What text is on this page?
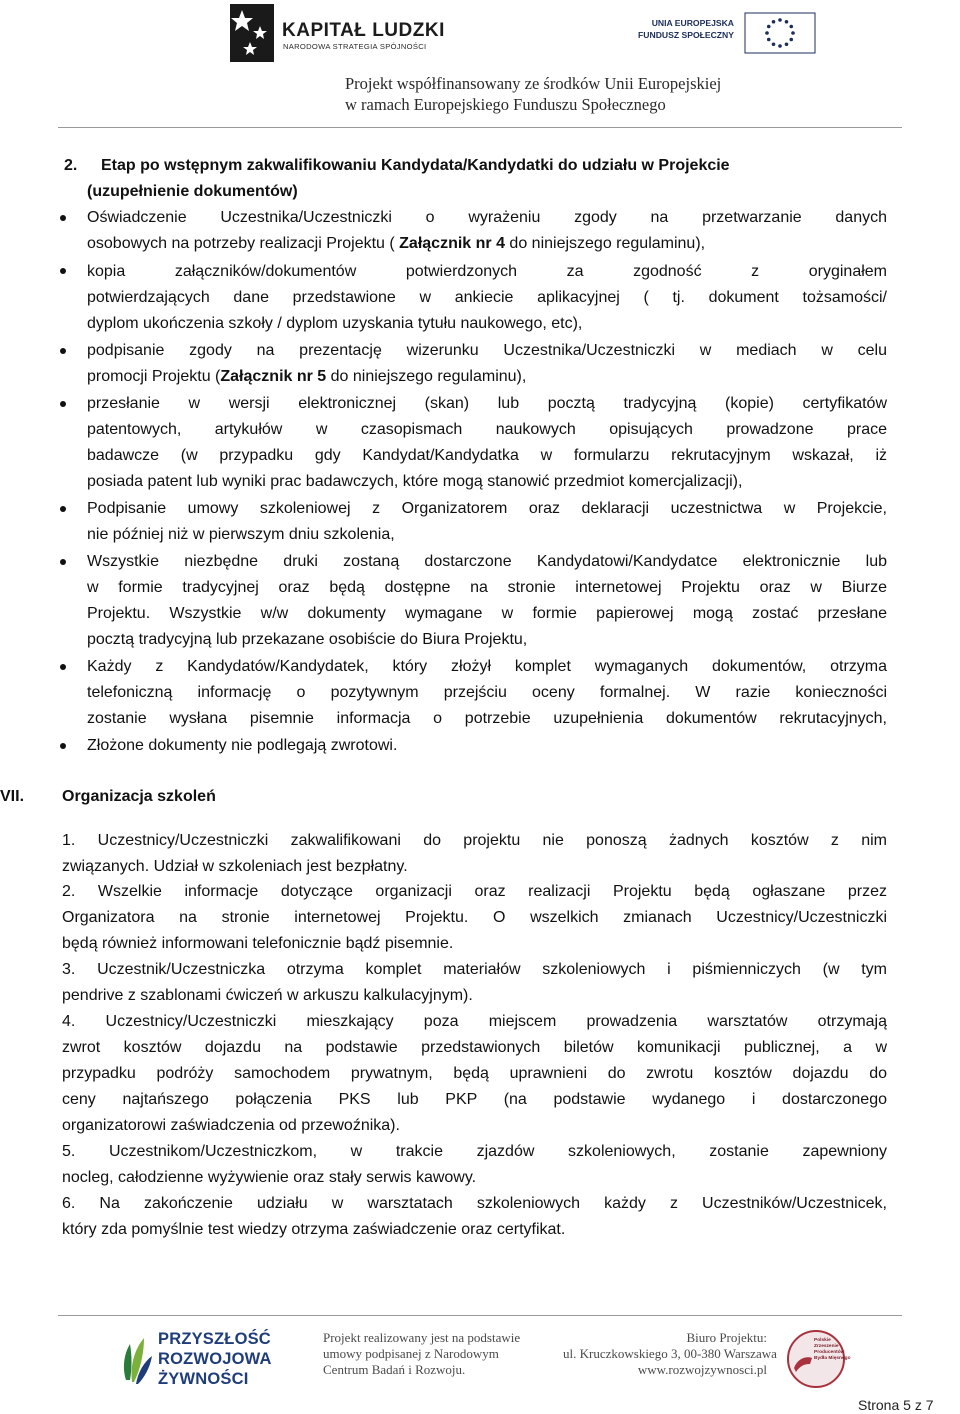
KAPITAŁ LUDZKI
NARODOWA STRATEGIA SPÓJNOŚCI
UNIA EUROPEJSKA
FUNDUSZ SPOŁECZNY
Projekt współfinansowany ze środków Unii Europejskiej
w ramach Europejskiego Funduszu Społecznego
2. Etap po wstępnym zakwalifikowaniu Kandydata/Kandydatki do udziału w Projekcie
(uzupełnienie dokumentów)
Oświadczenie Uczestnika/Uczestniczki o wyrażeniu zgody na przetwarzanie danych
osobowych na potrzeby realizacji Projektu ( Załącznik nr 4 do niniejszego regulaminu),
kopia załączników/dokumentów potwierdzonych za zgodność z oryginałem
potwierdzających dane przedstawione w ankiecie aplikacyjnej ( tj. dokument tożsamości/
dyplom ukończenia szkoły / dyplom uzyskania tytułu naukowego, etc),
podpisanie zgody na prezentację wizerunku Uczestnika/Uczestniczki w mediach w celu
promocji Projektu (Załącznik nr 5 do niniejszego regulaminu),
przesłanie w wersji elektronicznej (skan) lub pocztą tradycyjną (kopie) certyfikatów
patentowych, artykułów w czasopismach naukowych opisujących prowadzone prace
badawcze (w przypadku gdy Kandydat/Kandydatka w formularzu rekrutacyjnym wskazał, iż
posiada patent lub wyniki prac badawczych, które mogą stanowić przedmiot komercjalizacji),
Podpisanie umowy szkoleniowej z Organizatorem oraz deklaracji uczestnictwa w Projekcie,
nie później niż w pierwszym dniu szkolenia,
Wszystkie niezbędne druki zostaną dostarczone Kandydatowi/Kandydatce elektronicznie lub
w formie tradycyjnej oraz będą dostępne na stronie internetowej Projektu oraz w Biurze
Projektu. Wszystkie w/w dokumenty wymagane w formie papierowej mogą zostać przesłane
pocztą tradycyjną lub przekazane osobiście do Biura Projektu,
Każdy z Kandydatów/Kandydatek, który złożył komplet wymaganych dokumentów, otrzyma
telefoniczną informację o pozytywnym przejściu oceny formalnej. W razie konieczności
zostanie wysłana pisemnie informacja o potrzebie uzupełnienia dokumentów rekrutacyjnych,
Złożone dokumenty nie podlegają zwrotowi.
VII. Organizacja szkoleń
1. Uczestnicy/Uczestniczki zakwalifikowani do projektu nie ponoszą żadnych kosztów z nim
związanych. Udział w szkoleniach jest bezpłatny.
2. Wszelkie informacje dotyczące organizacji oraz realizacji Projektu będą ogłaszane przez
Organizatora na stronie internetowej Projektu. O wszelkich zmianach Uczestnicy/Uczestniczki
będą również informowani telefonicznie bądź pisemnie.
3. Uczestnik/Uczestniczka otrzyma komplet materiałów szkoleniowych i piśmienniczych (w tym
pendrive z szablonami ćwiczeń w arkuszu kalkulacyjnym).
4. Uczestnicy/Uczestniczki mieszkający poza miejscem prowadzenia warsztatów otrzymają
zwrot kosztów dojazdu na podstawie przedstawionych biletów komunikacji publicznej, a w
przypadku podróży samochodem prywatnym, będą uprawnieni do zwrotu kosztów dojazdu do
ceny najtańszego połączenia PKS lub PKP (na podstawie wydanego i dostarczonego
organizatorowi zaświadczenia od przewoźnika).
5. Uczestnikom/Uczestniczkom, w trakcie zjazdów szkoleniowych, zostanie zapewniony
nocleg, całodzienne wyżywienie oraz stały serwis kawowy.
6. Na zakończenie udziału w warsztatach szkoleniowych każdy z Uczestników/Uczestnicek,
który zda pomyślnie test wiedzy otrzyma zaświadczenie oraz certyfikat.
PRZYSZŁOŚĆ
ROZWOJOWA
ŻYWNOŚCI
Projekt realizowany jest na podstawie
umowy podpisanej z Narodowym
Centrum Badań i Rozwoju.
Biuro Projektu:
ul. Kruczkowskiego 3, 00-380 Warszawa
www.rozwojzywnosci.pl
Polskie
Zrzeszenie
Producentów
Bydła Mięsnego
Strona 5 z 7
